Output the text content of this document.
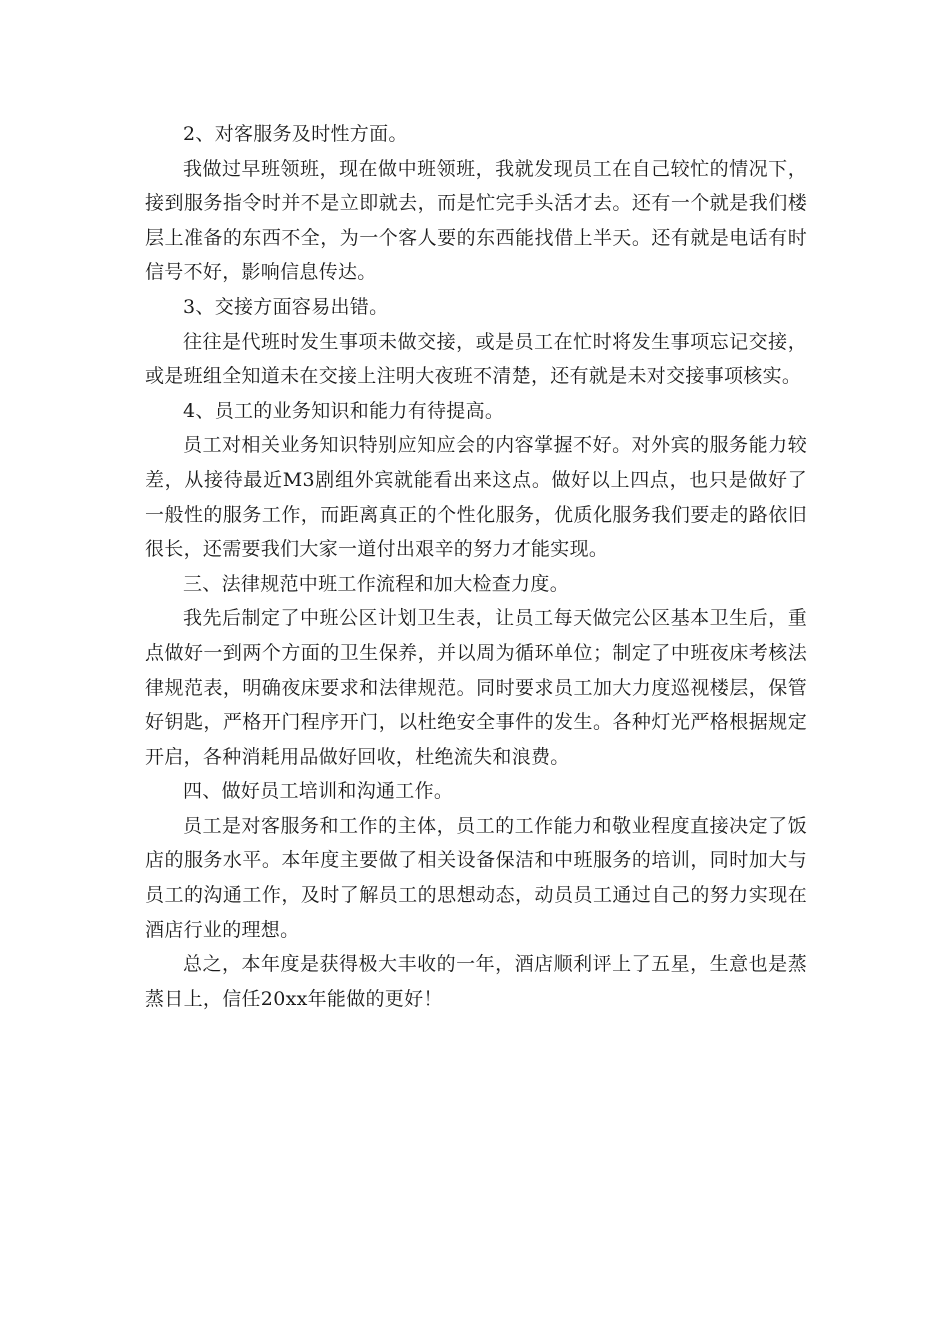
2、对客服务及时性方面。

我做过早班领班，现在做中班领班，我就发现员工在自己较忙的情况下，接到服务指令时并不是立即就去，而是忙完手头活才去。还有一个就是我们楼层上准备的东西不全，为一个客人要的东西能找借上半天。还有就是电话有时信号不好，影响信息传达。

3、交接方面容易出错。

往往是代班时发生事项未做交接，或是员工在忙时将发生事项忘记交接，或是班组全知道未在交接上注明大夜班不清楚，还有就是未对交接事项核实。

4、员工的业务知识和能力有待提高。

员工对相关业务知识特别应知应会的内容掌握不好。对外宾的服务能力较差，从接待最近M3剧组外宾就能看出来这点。做好以上四点，也只是做好了一般性的服务工作，而距离真正的个性化服务，优质化服务我们要走的路依旧很长，还需要我们大家一道付出艰辛的努力才能实现。

三、法律规范中班工作流程和加大检查力度。

我先后制定了中班公区计划卫生表，让员工每天做完公区基本卫生后，重点做好一到两个方面的卫生保养，并以周为循环单位；制定了中班夜床考核法律规范表，明确夜床要求和法律规范。同时要求员工加大力度巡视楼层，保管好钥匙，严格开门程序开门，以杜绝安全事件的发生。各种灯光严格根据规定开启，各种消耗用品做好回收，杜绝流失和浪费。

四、做好员工培训和沟通工作。

员工是对客服务和工作的主体，员工的工作能力和敬业程度直接决定了饭店的服务水平。本年度主要做了相关设备保洁和中班服务的培训，同时加大与员工的沟通工作，及时了解员工的思想动态，动员员工通过自己的努力实现在酒店行业的理想。

总之，本年度是获得极大丰收的一年，酒店顺利评上了五星，生意也是蒸蒸日上，信任20xx年能做的更好！
